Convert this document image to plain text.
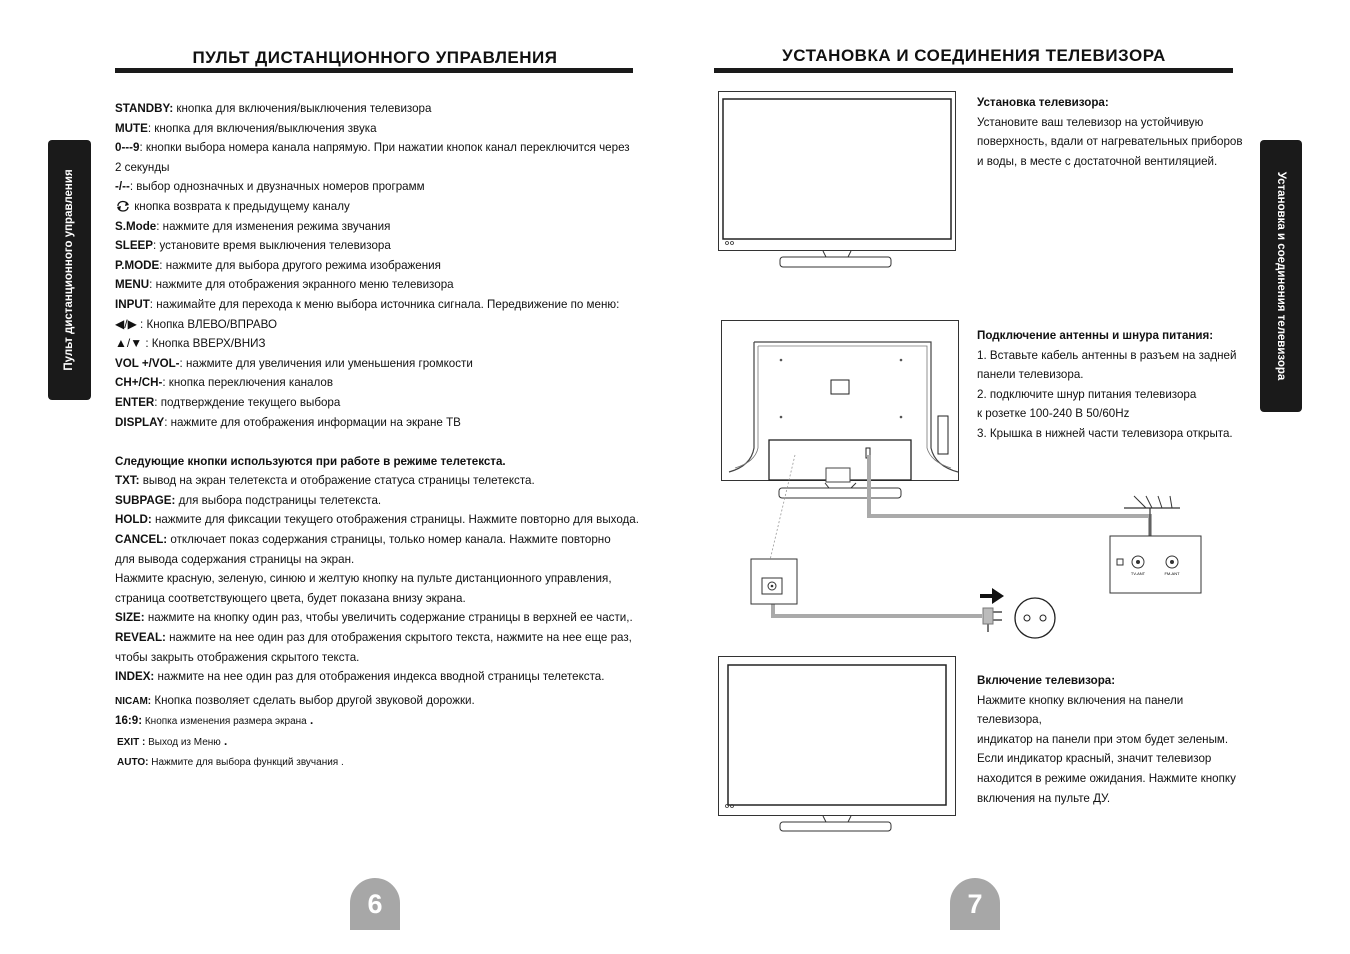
ПУЛЬТ ДИСТАНЦИОННОГО УПРАВЛЕНИЯ
Пульт дистанционного управления
STANDBY: кнопка для включения/выключения телевизора
MUTE: кнопка для включения/выключения звука
0---9: кнопки выбора номера канала напрямую. При нажатии кнопок канал переключится через
2 секунды
-/--: выбор однозначных и двузначных номеров программ
кнопка возврата к предыдущему каналу
S.Mode: нажмите для изменения режима звучания
SLEEP: установите время выключения телевизора
P.MODE: нажмите для выбора другого режима изображения
MENU: нажмите для отображения экранного меню телевизора
INPUT: нажимайте для перехода к меню выбора источника сигнала. Передвижение по меню:
◀/▶ : Кнопка ВЛЕВО/ВПРАВО
▲/▼ : Кнопка ВВЕРХ/ВНИЗ
VOL +/VOL-: нажмите для увеличения или уменьшения громкости
CH+/CH-: кнопка переключения каналов
ENTER: подтверждение текущего выбора
DISPLAY: нажмите для отображения информации на экране ТВ
Следующие кнопки используются при работе в режиме телетекста.
TXT: вывод на экран телетекста и отображение статуса страницы телетекста.
SUBPAGE: для выбора подстраницы телетекста.
HOLD: нажмите для фиксации текущего отображения страницы. Нажмите повторно для выхода.
CANCEL: отключает показ содержания страницы, только номер канала. Нажмите повторно для вывода содержания страницы на экран.
Нажмите красную, зеленую, синюю и желтую кнопку на пульте дистанционного управления, страница соответствующего цвета, будет показана внизу экрана.
SIZE: нажмите на кнопку один раз, чтобы увеличить содержание страницы в верхней ее части,.
REVEAL: нажмите на нее один раз для отображения скрытого текста, нажмите на нее еще раз, чтобы закрыть отображения скрытого текста.
INDEX: нажмите на нее один раз для отображения индекса вводной страницы телетекста.
NICAM: Кнопка позволяет сделать выбор другой звуковой дорожки.
16:9: Кнопка изменения размера экрана .
EXIT : Выход из Меню .
AUTO: Нажмите для выбора функций звучания .
6
УСТАНОВКА И СОЕДИНЕНИЯ ТЕЛЕВИЗОРА
Установка и соединения телевизора
TV-ANT	FM-ANT
Установка телевизора:
Установите ваш телевизор на устойчивую
поверхность, вдали от нагревательных приборов
и воды, в месте с достаточной вентиляцией.
Подключение антенны и шнура питания:
1. Вставьте кабель антенны в разъем на задней
панели телевизора.
2. подключите шнур питания телевизора
к розетке 100-240 В 50/60Hz
3. Крышка в нижней части телевизора открыта.
Включение телевизора:
Нажмите кнопку включения на панели телевизора,
индикатор на панели при этом будет зеленым.
Если индикатор красный, значит телевизор
находится в режиме ожидания. Нажмите кнопку
включения на пульте ДУ.
7
